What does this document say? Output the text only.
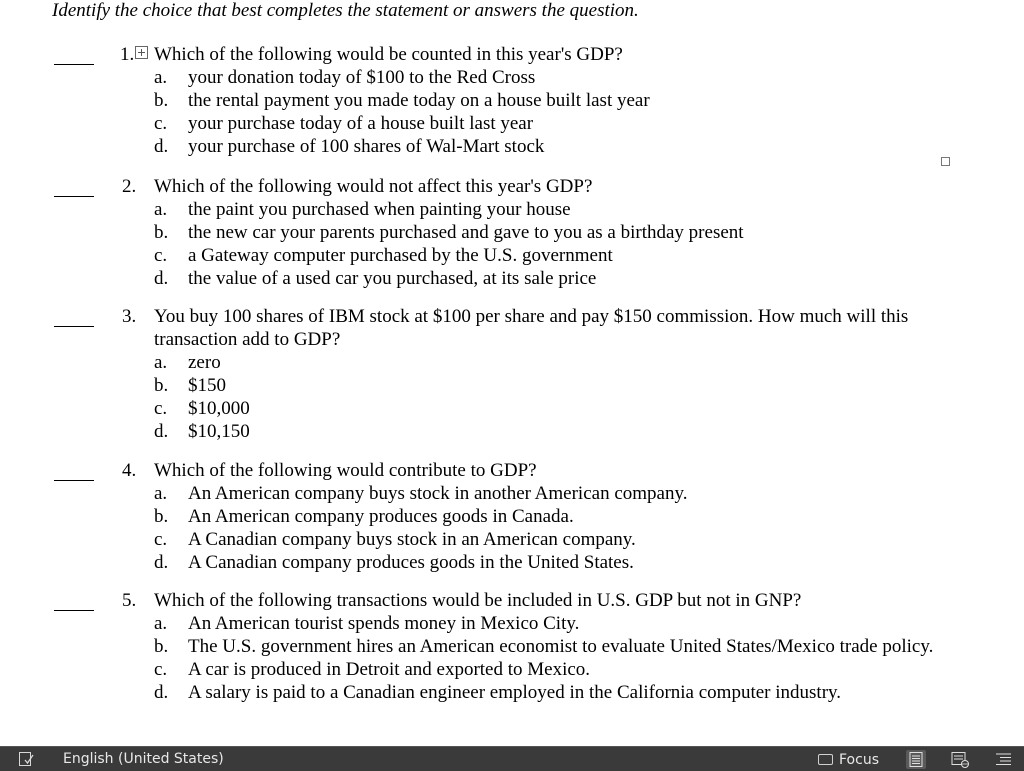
Identify the choice that best completes the statement or answers the question.
1. Which of the following would be counted in this year's GDP?
a.	your donation today of $100 to the Red Cross
b.	the rental payment you made today on a house built last year
c.	your purchase today of a house built last year
d.	your purchase of 100 shares of Wal-Mart stock
2. Which of the following would not affect this year's GDP?
a.	the paint you purchased when painting your house
b.	the new car your parents purchased and gave to you as a birthday present
c.	a Gateway computer purchased by the U.S. government
d.	the value of a used car you purchased, at its sale price
3. You buy 100 shares of IBM stock at $100 per share and pay $150 commission. How much will this transaction add to GDP?
a.	zero
b.	$150
c.	$10,000
d.	$10,150
4. Which of the following would contribute to GDP?
a.	An American company buys stock in another American company.
b.	An American company produces goods in Canada.
c.	A Canadian company buys stock in an American company.
d.	A Canadian company produces goods in the United States.
5. Which of the following transactions would be included in U.S. GDP but not in GNP?
a.	An American tourist spends money in Mexico City.
b.	The U.S. government hires an American economist to evaluate United States/Mexico trade policy.
c.	A car is produced in Detroit and exported to Mexico.
d.	A salary is paid to a Canadian engineer employed in the California computer industry.
English (United States)	Focus
